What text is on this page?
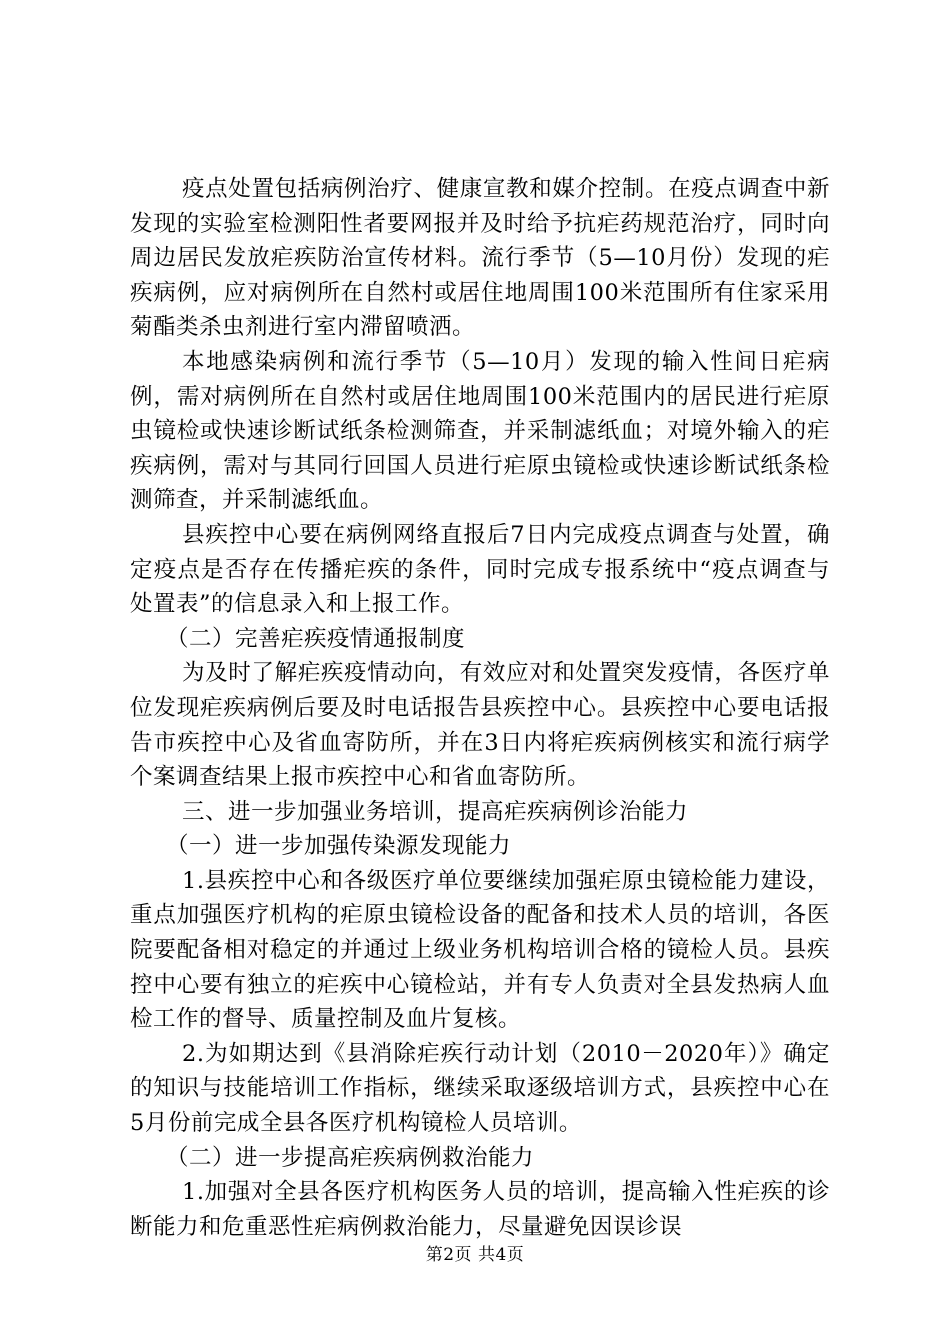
疫点处置包括病例治疗、健康宣教和媒介控制。在疫点调查中新发现的实验室检测阳性者要网报并及时给予抗疟药规范治疗，同时向周边居民发放疟疾防治宣传材料。流行季节（5—10月份）发现的疟疾病例，应对病例所在自然村或居住地周围100米范围所有住家采用菊酯类杀虫剂进行室内滞留喷洒。

本地感染病例和流行季节（5—10月）发现的输入性间日疟病例，需对病例所在自然村或居住地周围100米范围内的居民进行疟原虫镜检或快速诊断试纸条检测筛查，并采制滤纸血；对境外输入的疟疾病例，需对与其同行回国人员进行疟原虫镜检或快速诊断试纸条检测筛查，并采制滤纸血。

县疾控中心要在病例网络直报后7日内完成疫点调查与处置，确定疫点是否存在传播疟疾的条件，同时完成专报系统中“疫点调查与处置表”的信息录入和上报工作。

（二）完善疟疾疫情通报制度

为及时了解疟疾疫情动向，有效应对和处置突发疫情，各医疗单位发现疟疾病例后要及时电话报告县疾控中心。县疾控中心要电话报告市疾控中心及省血寄防所，并在3日内将疟疾病例核实和流行病学个案调查结果上报市疾控中心和省血寄防所。

三、进一步加强业务培训，提高疟疾病例诊治能力

（一）进一步加强传染源发现能力

1.县疾控中心和各级医疗单位要继续加强疟原虫镜检能力建设，重点加强医疗机构的疟原虫镜检设备的配备和技术人员的培训，各医院要配备相对稳定的并通过上级业务机构培训合格的镜检人员。县疾控中心要有独立的疟疾中心镜检站，并有专人负责对全县发热病人血检工作的督导、质量控制及血片复核。

2.为如期达到《县消除疟疾行动计划（2010－2020年）》确定的知识与技能培训工作指标，继续采取逐级培训方式，县疾控中心在5月份前完成全县各医疗机构镜检人员培训。

（二）进一步提高疟疾病例救治能力

1.加强对全县各医疗机构医务人员的培训，提高输入性疟疾的诊断能力和危重恶性疟病例救治能力，尽量避免因误诊误

第2页 共4页
